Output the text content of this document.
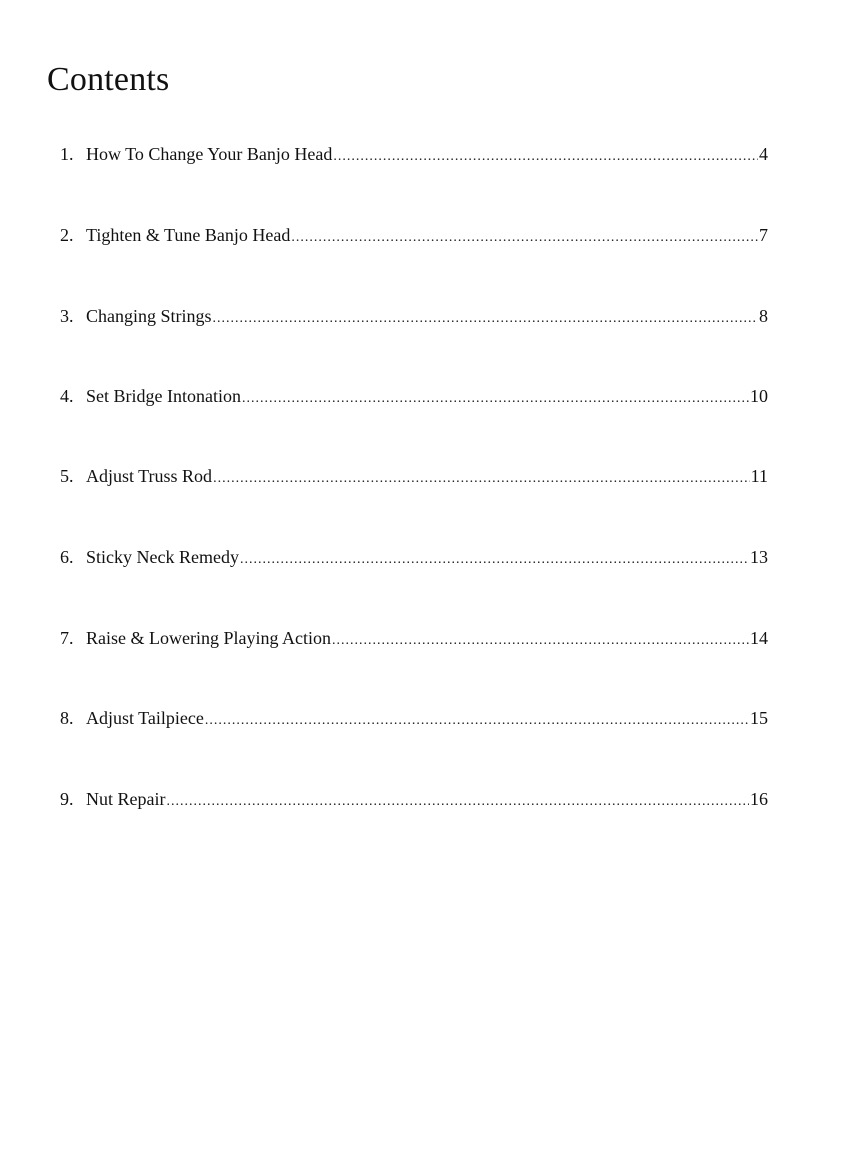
Contents
1. How To Change Your Banjo Head .....	4
2. Tighten & Tune Banjo Head .....	7
3. Changing Strings .....	8
4. Set Bridge Intonation .....	10
5. Adjust Truss Rod .....	11
6. Sticky Neck Remedy .....	13
7. Raise & Lowering Playing Action .....	14
8. Adjust Tailpiece .....	15
9. Nut Repair .....	16
